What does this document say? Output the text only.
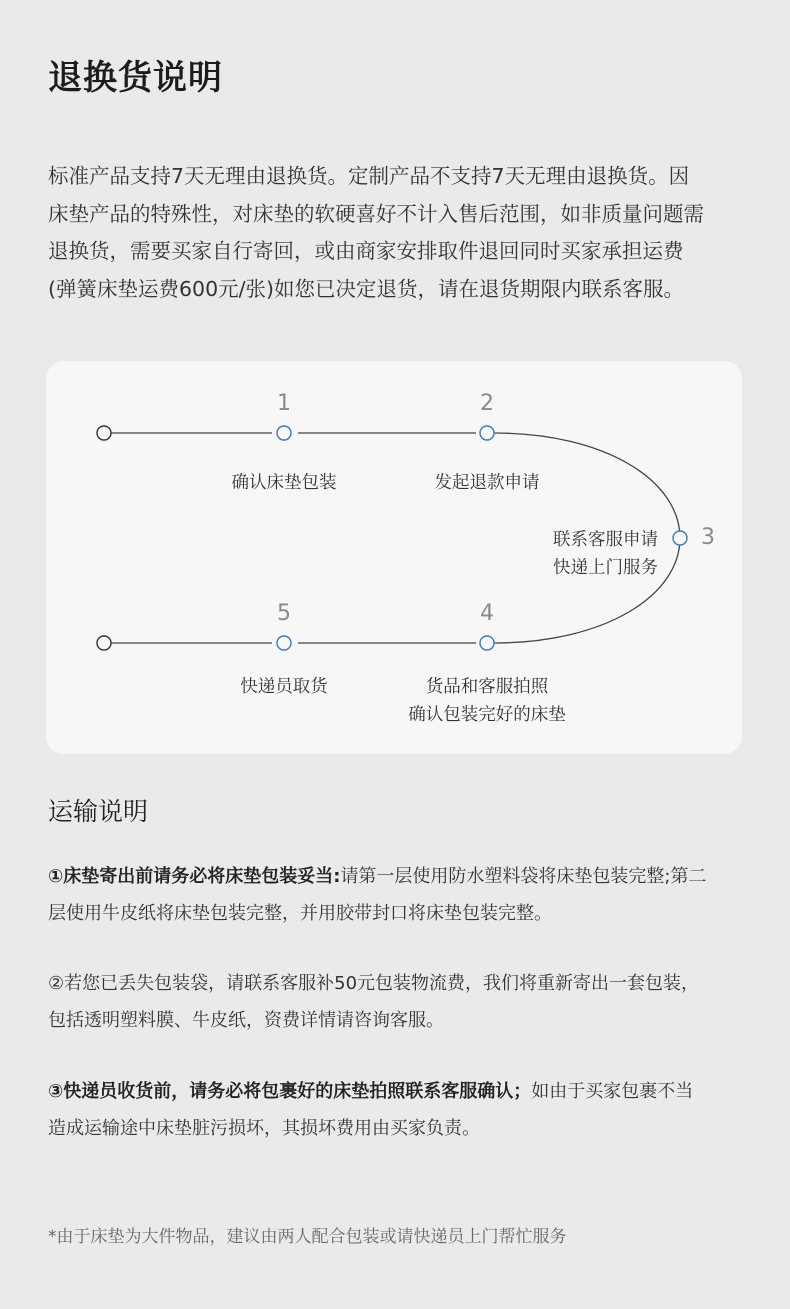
退换货说明

标准产品支持7天无理由退换货。定制产品不支持7天无理由退换货。因床垫产品的特殊性，对床垫的软硬喜好不计入售后范围，如非质量问题需退换货，需要买家自行寄回，或由商家安排取件退回同时买家承担运费 (弹簧床垫运费600元/张)如您已决定退货，请在退货期限内联系客服。

1	2
3
4
5
确认床垫包装	发起退款申请
联系客服申请
快递上门服务
货品和客服拍照
确认包装完好的床垫
快递员取货
运输说明

①床垫寄出前请务必将床垫包装妥当:请第一层使用防水塑料袋将床垫包装完整;第二层使用牛皮纸将床垫包装完整，并用胶带封口将床垫包装完整。

②若您已丢失包装袋，请联系客服补50元包装物流费，我们将重新寄出一套包装，包括透明塑料膜、牛皮纸，资费详情请咨询客服。

③快递员收货前，请务必将包裹好的床垫拍照联系客服确认；如由于买家包裹不当造成运输途中床垫脏污损坏，其损坏费用由买家负责。

*由于床垫为大件物品，建议由两人配合包装或请快递员上门帮忙服务
